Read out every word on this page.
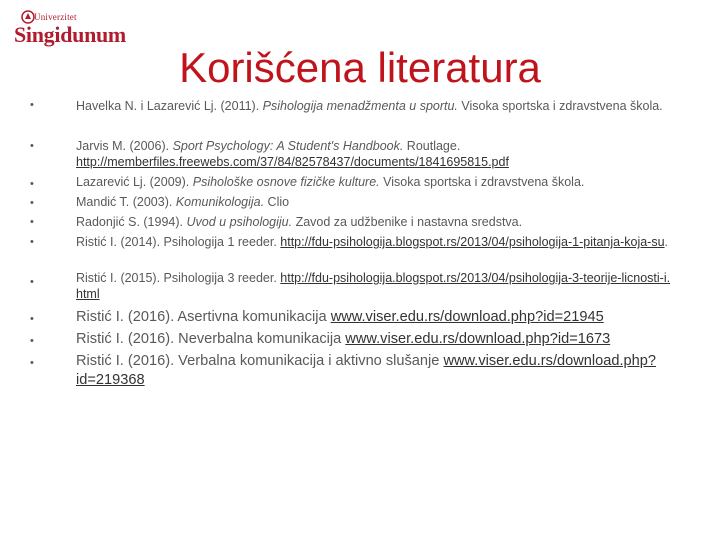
Univerzitet
Singidunum
Korišćena literatura
•
•
•
•
•
•
•
•
•
•
Havelka N. i Lazarević Lj. (2011). Psihologija menadžmenta u sportu. Visoka sportska i zdravstvena škola.
Jarvis M. (2006). Sport Psychology: A Student's Handbook. Routlage.
http://memberfiles.freewebs.com/37/84/82578437/documents/1841695815.pdf
Lazarević Lj. (2009). Psihološke osnove fizičke kulture. Visoka sportska i zdravstvena škola.
Mandić T. (2003). Komunikologija. Clio
Radonjić S. (1994). Uvod u psihologiju. Zavod za udžbenike i nastavna sredstva.
Ristić I. (2014). Psihologija 1 reeder. http://fdu-psihologija.blogspot.rs/2013/04/psihologija-1-pitanja-koja-su.
Ristić I. (2015). Psihologija 3 reeder. http://fdu-psihologija.blogspot.rs/2013/04/psihologija-3-teorije-licnosti-i.html
Ristić I. (2016). Asertivna komunikacija www.viser.edu.rs/download.php?id=21945
Ristić I. (2016). Neverbalna komunikacija www.viser.edu.rs/download.php?id=1673
Ristić I. (2016). Verbalna komunikacija i aktivno slušanje www.viser.edu.rs/download.php?id=219368
